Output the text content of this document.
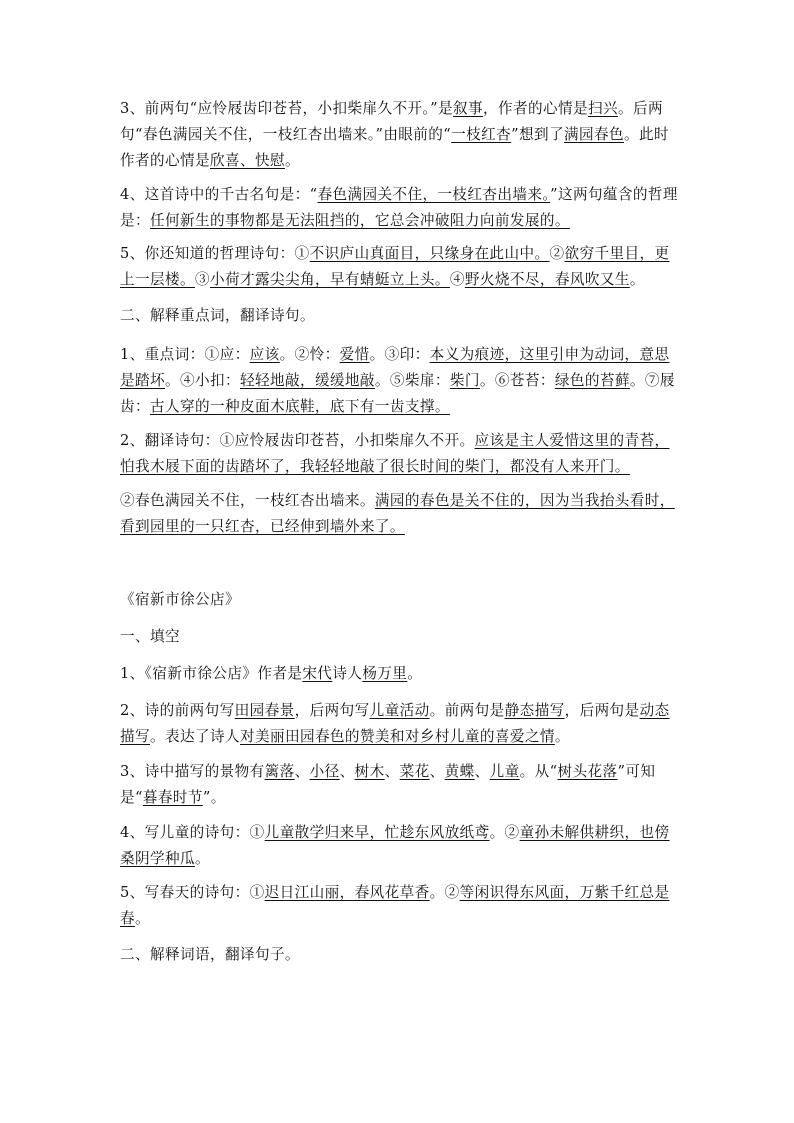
3、前两句“应怜屐齿印苍苔，小扣柴扉久不开。”是叙事，作者的心情是扫兴。后两句“春色满园关不住，一枝红杏出墙来。”由眼前的“一枝红杏”想到了满园春色。此时作者的心情是欣喜、快慰。

4、这首诗中的千古名句是：“春色满园关不住，一枝红杏出墙来。”这两句蕴含的哲理是：任何新生的事物都是无法阻挡的，它总会冲破阻力向前发展的。

5、你还知道的哲理诗句：①不识庐山真面目，只缘身在此山中。②欲穷千里目，更上一层楼。③小荷才露尖尖角，早有蜻蜓立上头。④野火烧不尽，春风吹又生。

二、解释重点词，翻译诗句。

1、重点词：①应：应该。②怜：爱惜。③印：本义为痕迹，这里引申为动词，意思是踏坏。④小扣：轻轻地敲，缓缓地敲。⑤柴扉：柴门。⑥苍苔：绿色的苔藓。⑦屐齿：古人穿的一种皮面木底鞋，底下有一齿支撑。

2、翻译诗句：①应怜屐齿印苍苔，小扣柴扉久不开。应该是主人爱惜这里的青苔，怕我木屐下面的齿踏坏了，我轻轻地敲了很长时间的柴门，都没有人来开门。

②春色满园关不住，一枝红杏出墙来。满园的春色是关不住的，因为当我抬头看时，看到园里的一只红杏，已经伸到墙外来了。

《宿新市徐公店》

一、填空

1、《宿新市徐公店》作者是宋代诗人杨万里。

2、诗的前两句写田园春景，后两句写儿童活动。前两句是静态描写，后两句是动态描写。表达了诗人对美丽田园春色的赞美和对乡村儿童的喜爱之情。

3、诗中描写的景物有篱落、小径、树木、菜花、黄蝶、儿童。从“树头花落”可知是“暮春时节”。

4、写儿童的诗句：①儿童散学归来早，忙趁东风放纸鸢。②童孙未解供耕织，也傍桑阴学种瓜。

5、写春天的诗句：①迟日江山丽，春风花草香。②等闲识得东风面，万紫千红总是春。

二、解释词语，翻译句子。
